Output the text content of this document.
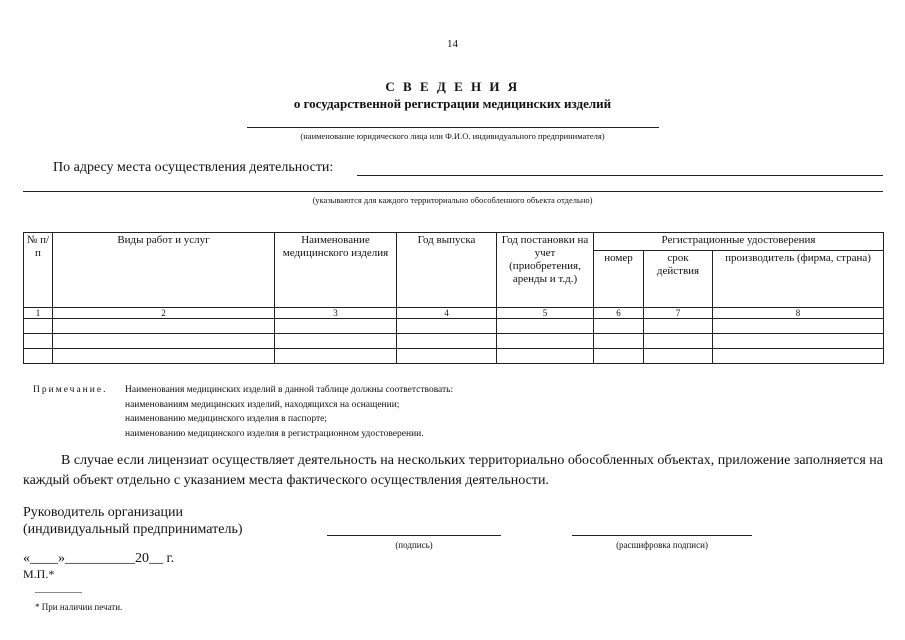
14
С В Е Д Е Н И Я
о государственной регистрации медицинских изделий
(наименование юридического лица или Ф.И.О. индивидуального предпринимателя)
По адресу места осуществления деятельности:
(указываются для каждого территориально обособленного объекта отдельно)
№ п/п	Виды работ и услуг	Наименование медицинского изделия	Год выпуска	Год постановки на учет (приобретения, аренды и т.д.)	Регистрационные удостоверения		
					номер	срок действия	производитель (фирма, страна)
1	2	3	4	5	6	7	8

Примечание. Наименования медицинских изделий в данной таблице должны соответствовать:
наименованиям медицинских изделий, находящихся на оснащении;
наименованию медицинского изделия в паспорте;
наименованию медицинского изделия в регистрационном удостоверении.
В случае если лицензиат осуществляет деятельность на нескольких территориально обособленных объектах, приложение заполняется на каждый объект отдельно с указанием места фактического осуществления деятельности.
Руководитель организации
(индивидуальный предприниматель)
(подпись)	(расшифровка подписи)
«____»__________20__ г.
М.П.*
* При наличии печати.
